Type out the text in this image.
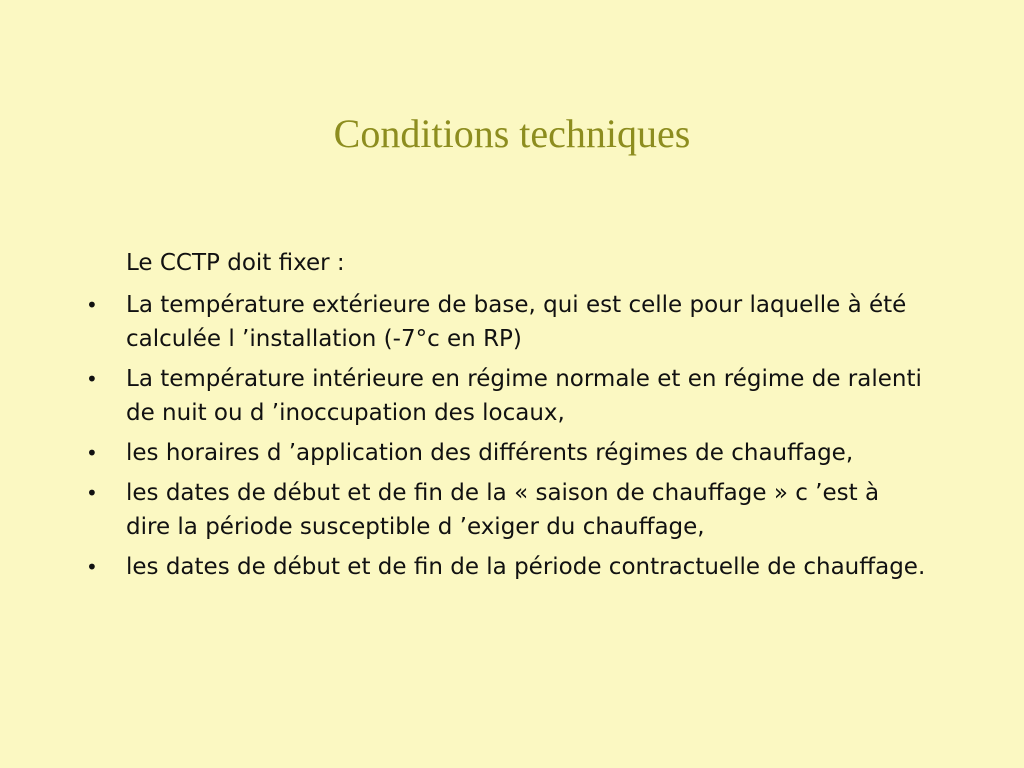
Conditions techniques

Le CCTP doit fixer :

•	La température extérieure de base, qui est celle pour laquelle à été calculée l ’installation (-7°c en RP)
•	La température intérieure en régime normale et en régime de ralenti de nuit ou d ’inoccupation des locaux,
•	les horaires d ’application des différents régimes de chauffage,
•	les dates de début et de fin de la « saison de chauffage » c ’est à dire la période susceptible d ’exiger du chauffage,
•	les dates de début et de fin de la période contractuelle de chauffage.
